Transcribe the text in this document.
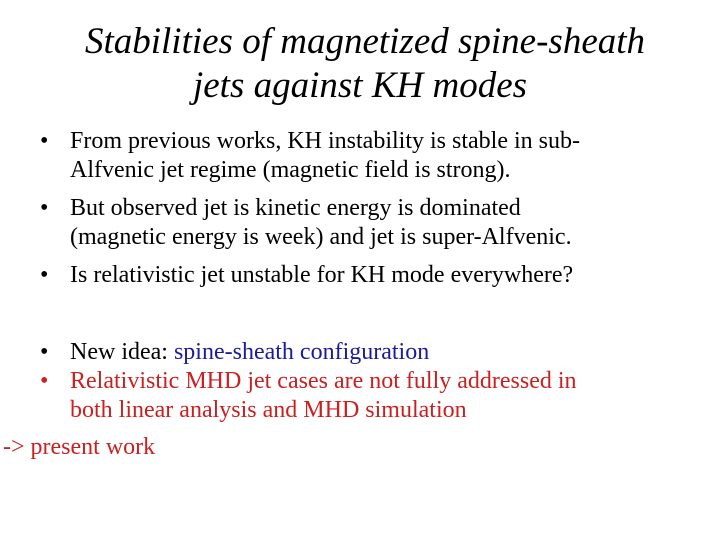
Stabilities of magnetized spine-sheath
jets against KH modes
• From previous works, KH instability is stable in sub-
Alfvenic jet regime (magnetic field is strong).
• But observed jet is kinetic energy is dominated
(magnetic energy is week) and jet is super-Alfvenic.
• Is relativistic jet unstable for KH mode everywhere?
• New idea: spine-sheath configuration
• Relativistic MHD jet cases are not fully addressed in
both linear analysis and MHD simulation
-> present work
